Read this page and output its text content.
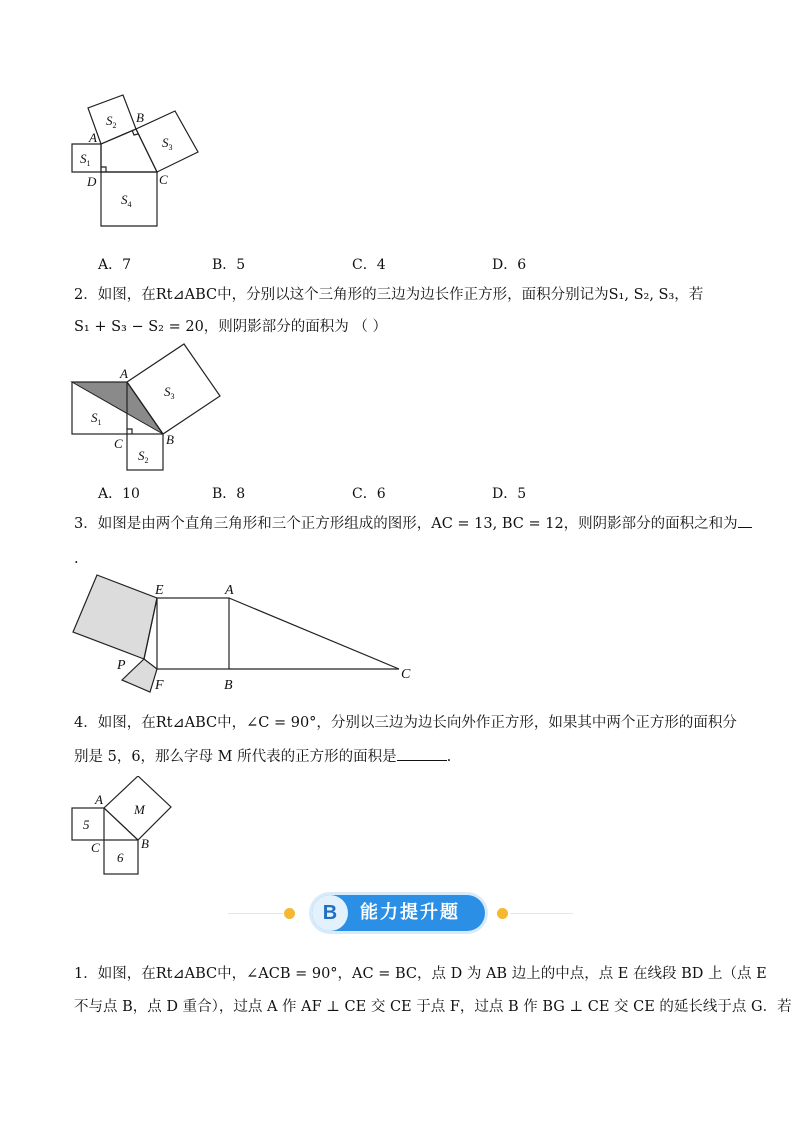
A
B
C
D
$S_1$
$S_2$
$S_3$
$S_4$
A．7	B．5	C．4	D．6
2．如图，在Rt⊿ABC中，分别以这个三角形的三边为边长作正方形，面积分别记为S₁, S₂, S₃，若
S₁ + S₃ − S₂ = 20，则阴影部分的面积为 （ ）
A
B
C
$S_1$
$S_2$
$S_3$
A．10	B．8	C．6	D．5
3．如图是由两个直角三角形和三个正方形组成的图形，AC = 13, BC = 12，则阴影部分的面积之和为
.
E	A
P
F	B
C
4．如图，在Rt⊿ABC中，∠C = 90°，分别以三边为边长向外作正方形，如果其中两个正方形的面积分
别是 5，6，那么字母 M 所代表的正方形的面积是	.
A
M
5
C	B
6
B	能力提升题
1．如图，在Rt⊿ABC中，∠ACB = 90°，AC = BC，点 D 为 AB 边上的中点，点 E 在线段 BD 上（点 E
不与点 B，点 D 重合），过点 A 作 AF ⊥ CE 交 CE 于点 F，过点 B 作 BG ⊥ CE 交 CE 的延长线于点 G．若
